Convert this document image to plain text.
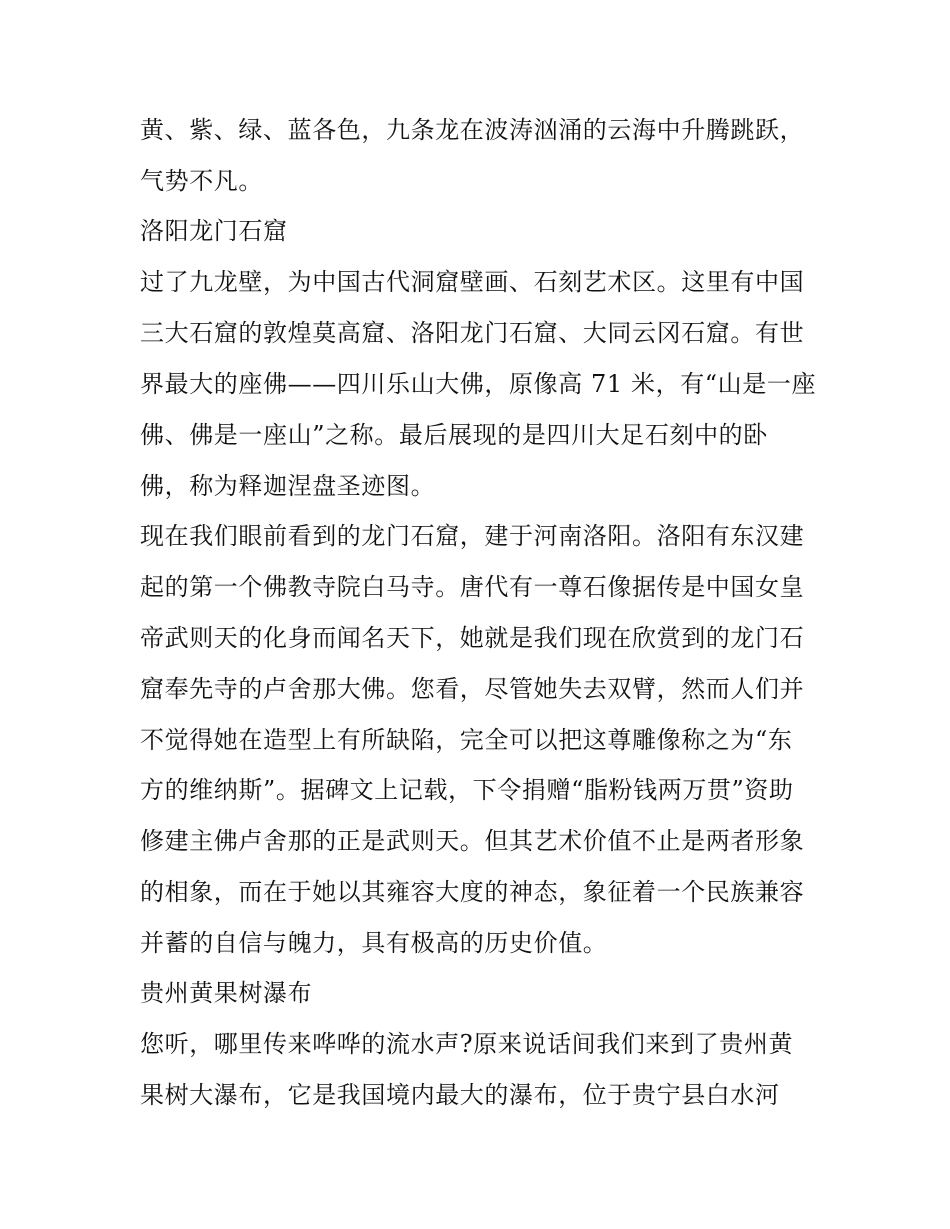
黄、紫、绿、蓝各色，九条龙在波涛汹涌的云海中升腾跳跃，
气势不凡。
洛阳龙门石窟
过了九龙壁，为中国古代洞窟壁画、石刻艺术区。这里有中国
三大石窟的敦煌莫高窟、洛阳龙门石窟、大同云冈石窟。有世
界最大的座佛——四川乐山大佛，原像高 71 米，有“山是一座
佛、佛是一座山”之称。最后展现的是四川大足石刻中的卧
佛，称为释迦涅盘圣迹图。
现在我们眼前看到的龙门石窟，建于河南洛阳。洛阳有东汉建
起的第一个佛教寺院白马寺。唐代有一尊石像据传是中国女皇
帝武则天的化身而闻名天下，她就是我们现在欣赏到的龙门石
窟奉先寺的卢舍那大佛。您看，尽管她失去双臂，然而人们并
不觉得她在造型上有所缺陷，完全可以把这尊雕像称之为“东
方的维纳斯”。据碑文上记载，下令捐赠“脂粉钱两万贯”资助
修建主佛卢舍那的正是武则天。但其艺术价值不止是两者形象
的相象，而在于她以其雍容大度的神态，象征着一个民族兼容
并蓄的自信与魄力，具有极高的历史价值。
贵州黄果树瀑布
您听，哪里传来哗哗的流水声?原来说话间我们来到了贵州黄
果树大瀑布，它是我国境内最大的瀑布，位于贵宁县白水河
